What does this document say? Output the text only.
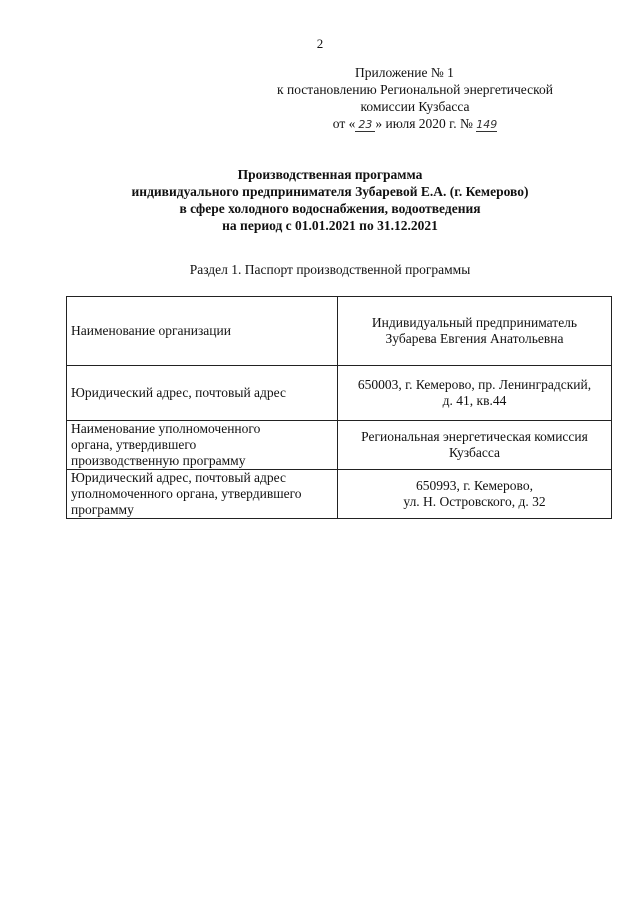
2
Приложение № 1
к постановлению Региональной энергетической
комиссии Кузбасса
от « 23 » июля 2020 г. № 149
Производственная программа
индивидуального предпринимателя Зубаревой Е.А. (г. Кемерово)
в сфере холодного водоснабжения, водоотведения
на период с 01.01.2021 по 31.12.2021
Раздел 1. Паспорт производственной программы
Наименование организации	Индивидуальный предприниматель
Зубарева Евгения Анатольевна

Юридический адрес, почтовый адрес	650003, г. Кемерово, пр. Ленинградский,
д. 41, кв.44

Наименование уполномоченного
органа, утвердившего
производственную программу	Региональная энергетическая комиссия
Кузбасса

Юридический адрес, почтовый адрес
уполномоченного органа, утвердившего
программу	650993, г. Кемерово,
ул. Н. Островского, д. 32
